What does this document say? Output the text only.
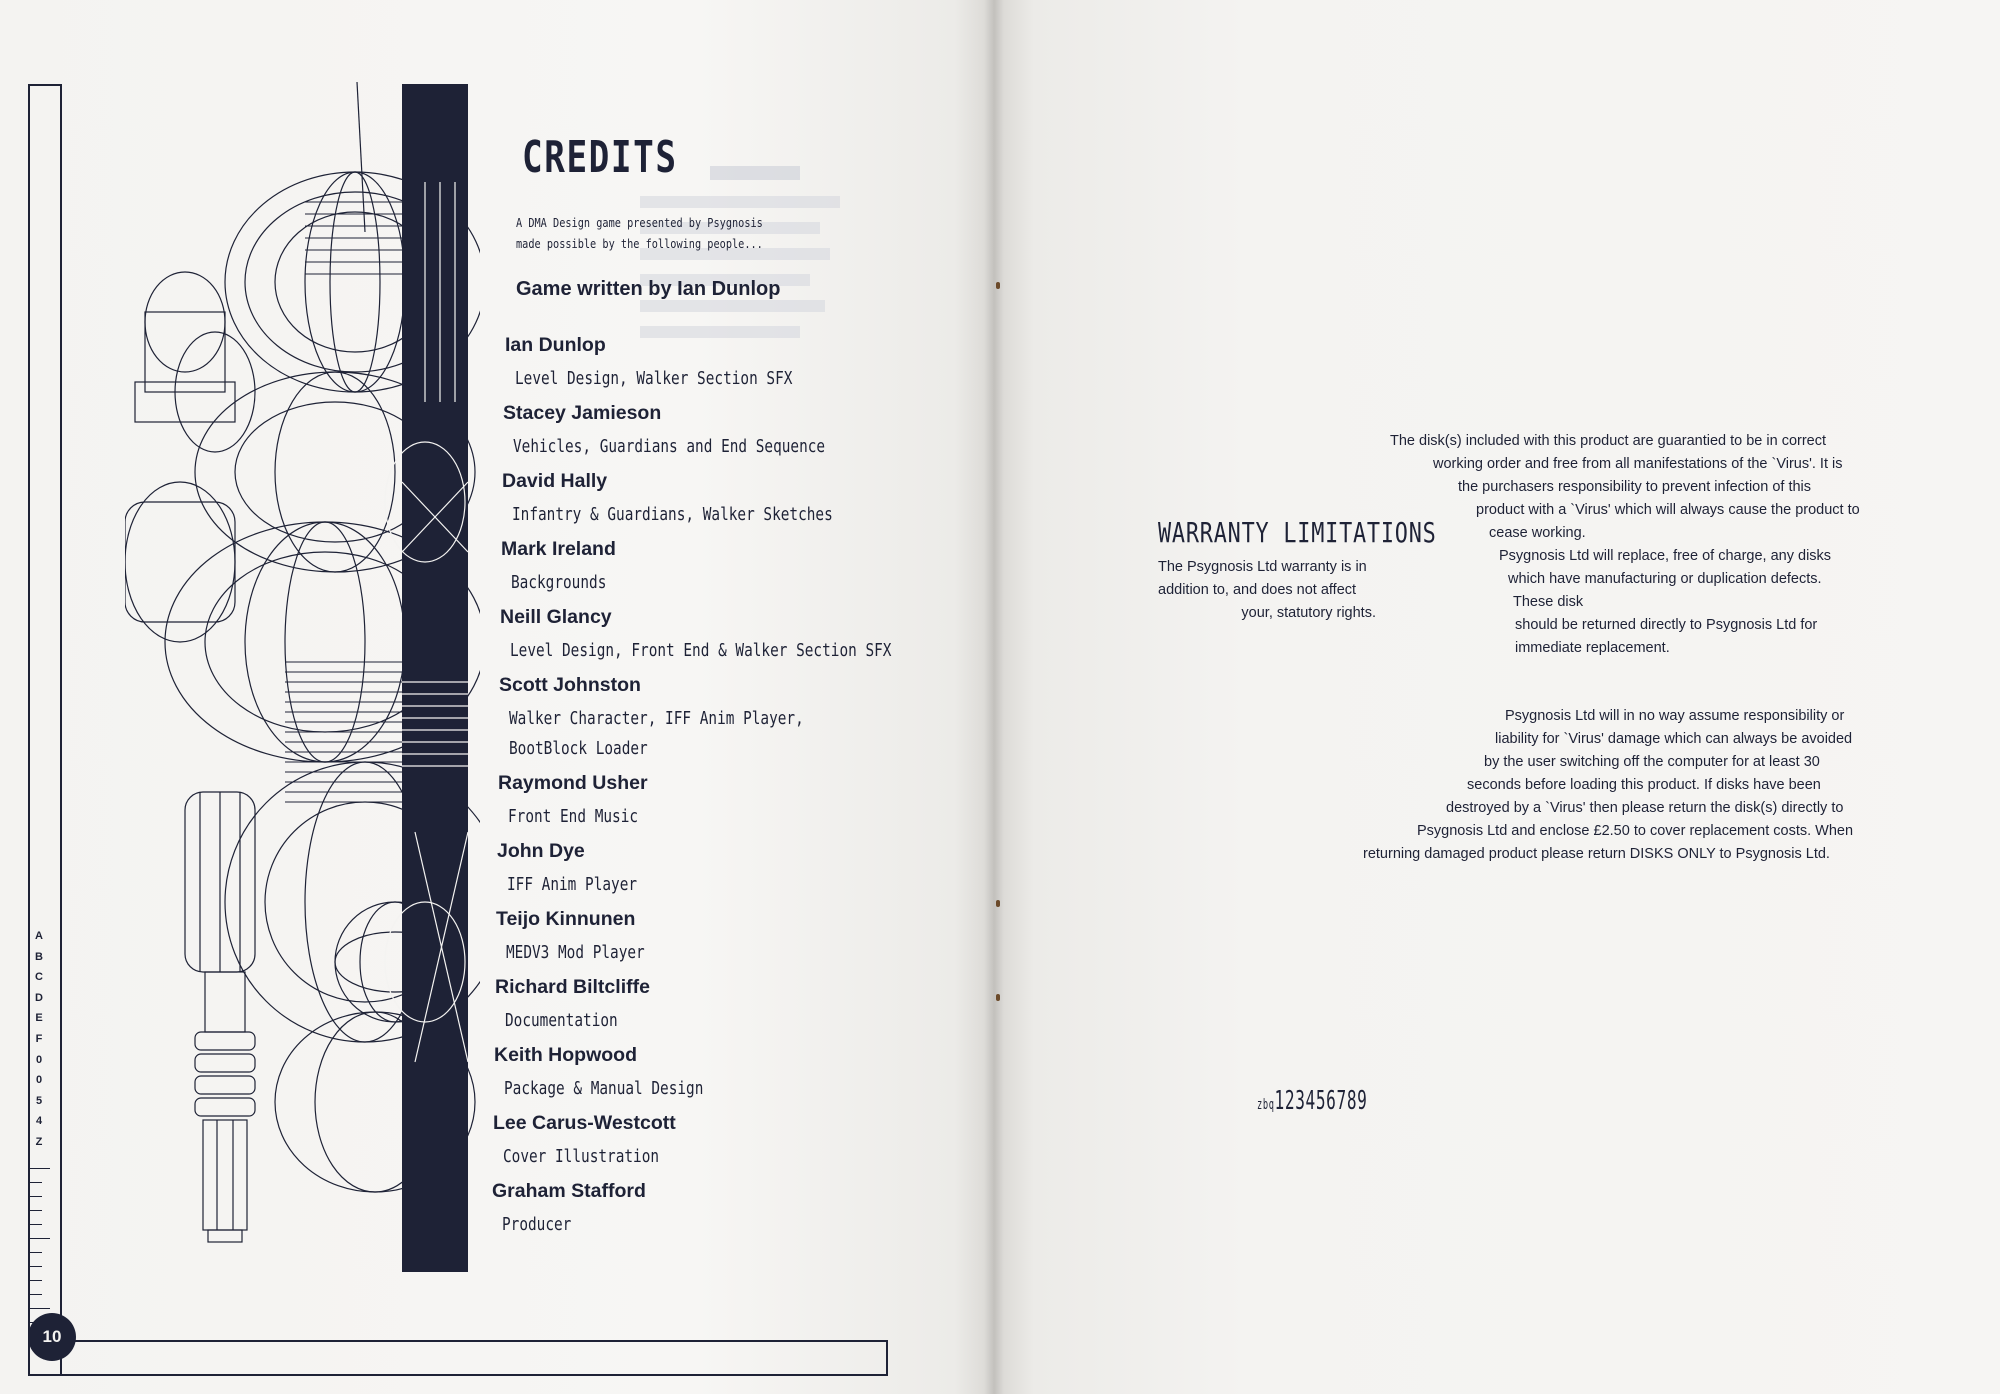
A
B
C
D
E
F
0
0
5
4
Z
10
CREDITS
A DMA Design game presented by Psygnosis
made possible by the following people...
Game written by Ian Dunlop
Ian Dunlop
Level Design, Walker Section SFX
Stacey Jamieson
Vehicles, Guardians and End Sequence
David Hally
Infantry & Guardians, Walker Sketches
Mark Ireland
Backgrounds
Neill Glancy
Level Design, Front End & Walker Section SFX
Scott Johnston
Walker Character, IFF Anim Player,
BootBlock Loader
Raymond Usher
Front End Music
John Dye
IFF Anim Player
Teijo Kinnunen
MEDV3 Mod Player
Richard Biltcliffe
Documentation
Keith Hopwood
Package & Manual Design
Lee Carus-Westcott
Cover Illustration
Graham Stafford
Producer
WARRANTY LIMITATIONS
The Psygnosis Ltd warranty is in
addition to, and does not affect
your, statutory rights.
The disk(s) included with this product are guarantied to be in correct
working order and free from all manifestations of the `Virus'. It is
the purchasers responsibility to prevent infection of this
product with a `Virus' which will always cause the product to
cease working.
Psygnosis Ltd will replace, free of charge, any disks
which have manufacturing or duplication defects.
These disk
should be returned directly to Psygnosis Ltd for
immediate replacement.
Psygnosis Ltd will in no way assume responsibility or
liability for `Virus' damage which can always be avoided
by the user switching off the computer for at least 30
seconds before loading this product. If disks have been
destroyed by a `Virus' then please return the disk(s) directly to
Psygnosis Ltd and enclose £2.50 to cover replacement costs. When
returning damaged product please return DISKS ONLY to Psygnosis Ltd.
zbq123456789
